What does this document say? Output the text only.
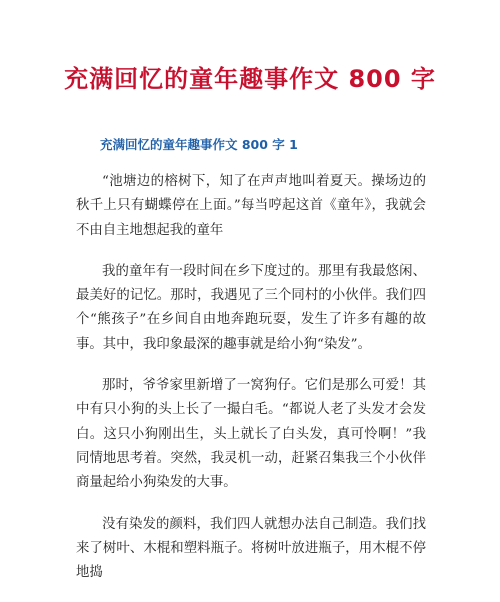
充满回忆的童年趣事作文 800 字
充满回忆的童年趣事作文 800 字 1

“池塘边的榕树下，知了在声声地叫着夏天。操场边的秋千上只有蝴蝶停在上面。”每当哼起这首《童年》，我就会不由自主地想起我的童年

我的童年有一段时间在乡下度过的。那里有我最悠闲、最美好的记忆。那时，我遇见了三个同村的小伙伴。我们四个“熊孩子”在乡间自由地奔跑玩耍，发生了许多有趣的故事。其中，我印象最深的趣事就是给小狗“染发”。

那时，爷爷家里新增了一窝狗仔。它们是那么可爱！其中有只小狗的头上长了一撮白毛。“都说人老了头发才会发白。这只小狗刚出生，头上就长了白头发，真可怜啊！”我同情地思考着。突然，我灵机一动，赶紧召集我三个小伙伴商量起给小狗染发的大事。

没有染发的颜料，我们四人就想办法自己制造。我们找来了树叶、木棍和塑料瓶子。将树叶放进瓶子，用木棍不停地捣
